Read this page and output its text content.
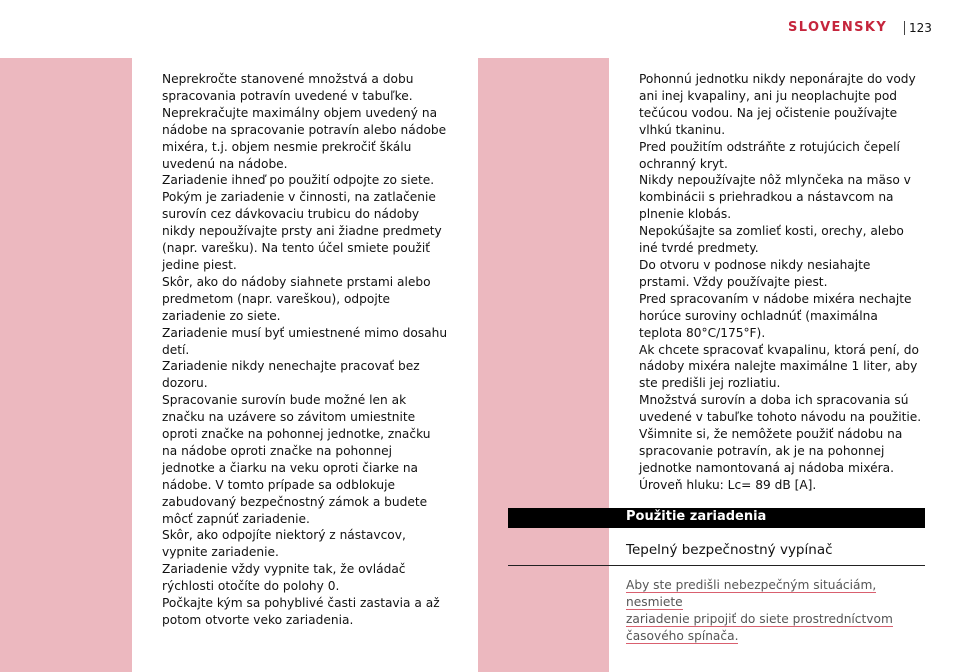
SLOVENSKY 123

Neprekročte stanovené množstvá a dobu

spracovania potravín uvedené v tabuľke.

Neprekračujte maximálny objem uvedený na

nádobe na spracovanie potravín alebo nádobe

mixéra, t.j. objem nesmie prekročiť škálu

uvedenú na nádobe.

Zariadenie ihneď po použití odpojte zo siete.

Pokým je zariadenie v činnosti, na zatlačenie

surovín cez dávkovaciu trubicu do nádoby

nikdy nepoužívajte prsty ani žiadne predmety

(napr. varešku). Na tento účel smiete použiť

jedine piest.

Skôr, ako do nádoby siahnete prstami alebo

predmetom (napr. vareškou), odpojte

zariadenie zo siete.

Zariadenie musí byť umiestnené mimo dosahu

detí.

Zariadenie nikdy nenechajte pracovať bez

dozoru.

Spracovanie surovín bude možné len ak

značku na uzávere so závitom umiestnite

oproti značke na pohonnej jednotke, značku

na nádobe oproti značke na pohonnej

jednotke a čiarku na veku oproti čiarke na

nádobe. V tomto prípade sa odblokuje

zabudovaný bezpečnostný zámok a budete

môcť zapnúť zariadenie.

Skôr, ako odpojíte niektorý z nástavcov,

vypnite zariadenie.

Zariadenie vždy vypnite tak, že ovládač

rýchlosti otočíte do polohy 0.

Počkajte kým sa pohyblivé časti zastavia a až

potom otvorte veko zariadenia.

Pohonnú jednotku nikdy neponárajte do vody

ani inej kvapaliny, ani ju neoplachujte pod

tečúcou vodou. Na jej očistenie používajte

vlhkú tkaninu.

Pred použitím odstráňte z rotujúcich čepelí

ochranný kryt.

Nikdy nepoužívajte nôž mlynčeka na mäso v

kombinácii s priehradkou a nástavcom na

plnenie klobás.

Nepokúšajte sa zomlieť kosti, orechy, alebo

iné tvrdé predmety.

Do otvoru v podnose nikdy nesiahajte

prstami. Vždy používajte piest.

Pred spracovaním v nádobe mixéra nechajte

horúce suroviny ochladnúť (maximálna

teplota 80°C/175°F).

Ak chcete spracovať kvapalinu, ktorá pení, do

nádoby mixéra nalejte maximálne 1 liter, aby

ste predišli jej rozliatiu.

Množstvá surovín a doba ich spracovania sú

uvedené v tabuľke tohoto návodu na použitie.

Všimnite si, že nemôžete použiť nádobu na

spracovanie potravín, ak je na pohonnej

jednotke namontovaná aj nádoba mixéra.

Úroveň hluku: Lc= 89 dB [A].

Použitie zariadenia
Tepelný bezpečnostný vypínač
Aby ste predišli nebezpečným situáciám, nesmiete
zariadenie pripojiť do siete prostredníctvom
časového spínača.
